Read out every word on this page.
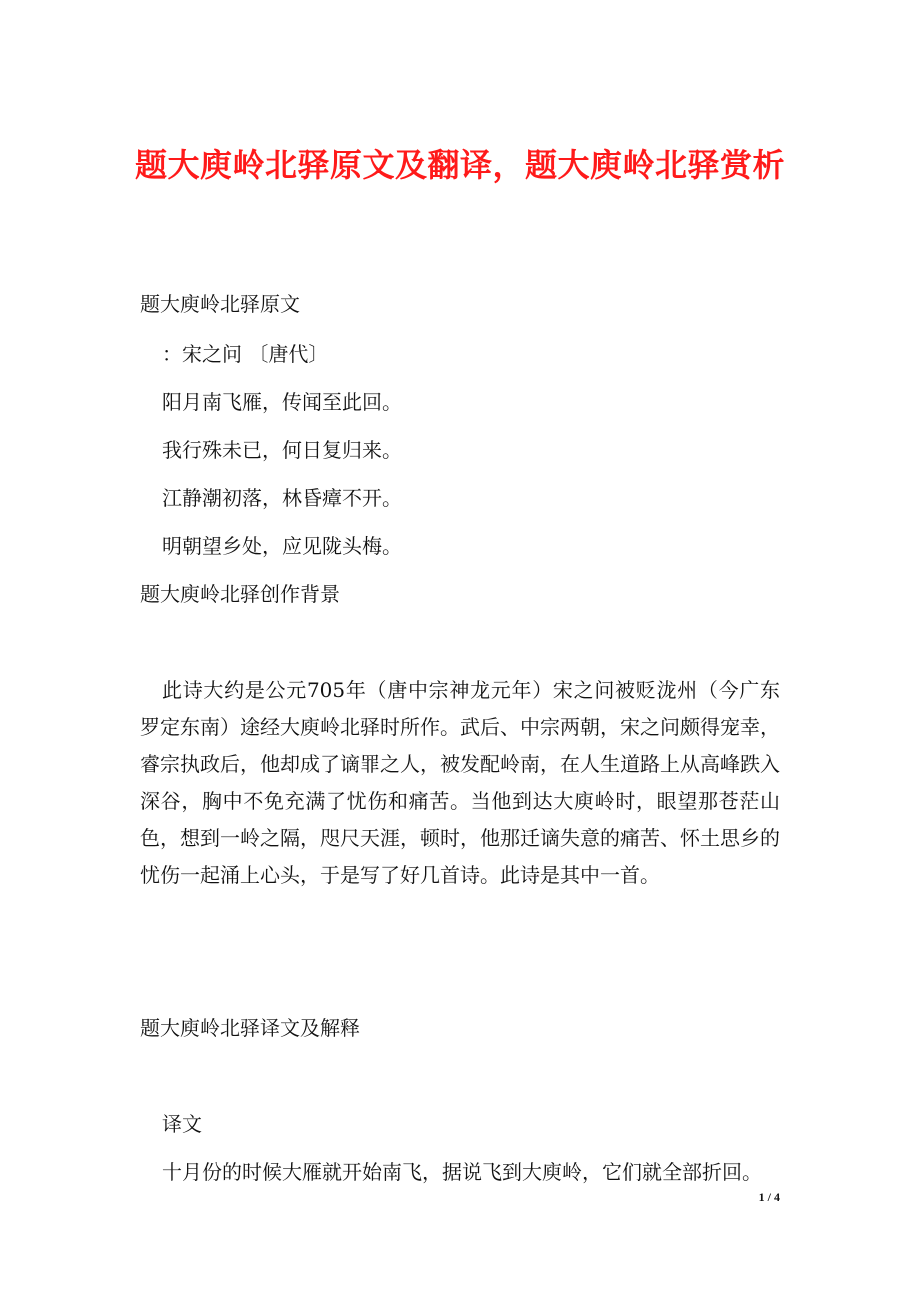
题大庾岭北驿原文及翻译，题大庾岭北驿赏析
题大庾岭北驿原文
：宋之问 〔唐代〕
阳月南飞雁，传闻至此回。
我行殊未已，何日复归来。
江静潮初落，林昏瘴不开。
明朝望乡处，应见陇头梅。
题大庾岭北驿创作背景
此诗大约是公元705年（唐中宗神龙元年）宋之问被贬泷州（今广东罗定东南）途经大庾岭北驿时所作。武后、中宗两朝，宋之问颇得宠幸，睿宗执政后，他却成了谪罪之人，被发配岭南，在人生道路上从高峰跌入深谷，胸中不免充满了忧伤和痛苦。当他到达大庾岭时，眼望那苍茫山色，想到一岭之隔，咫尺天涯，顿时，他那迁谪失意的痛苦、怀土思乡的忧伤一起涌上心头，于是写了好几首诗。此诗是其中一首。
题大庾岭北驿译文及解释
译文
十月份的时候大雁就开始南飞，据说飞到大庾岭，它们就全部折回。
1 / 4
